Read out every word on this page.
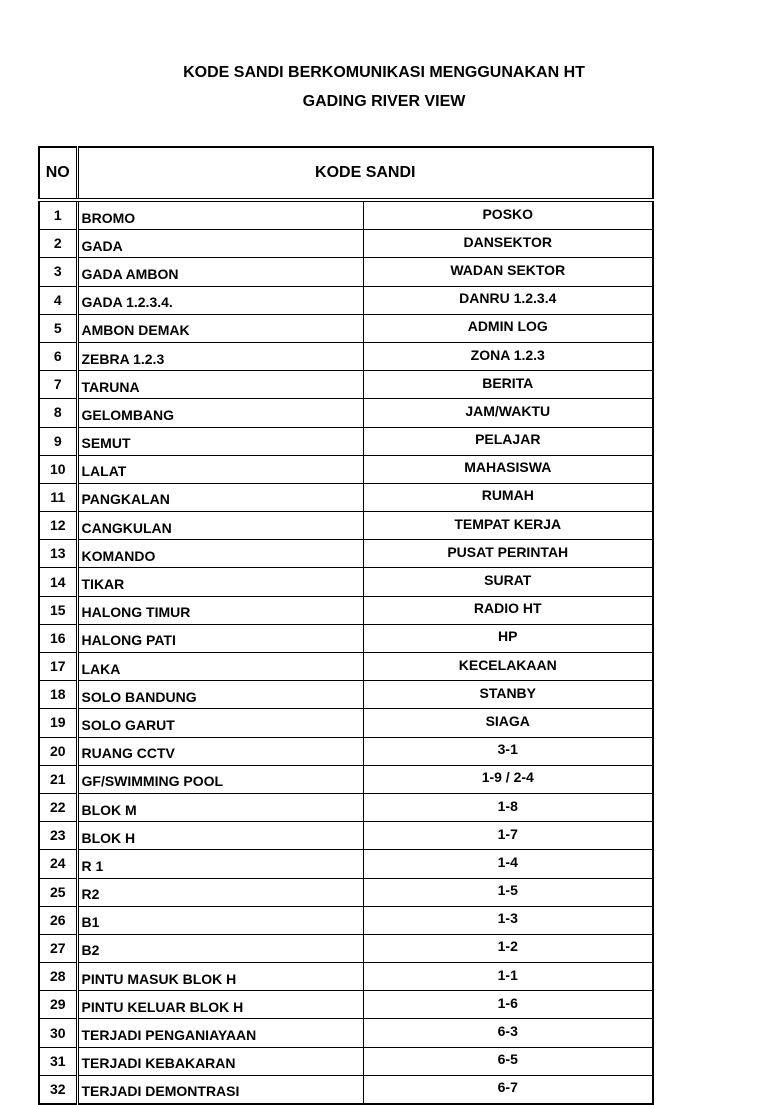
KODE SANDI BERKOMUNIKASI MENGGUNAKAN HT
GADING RIVER VIEW
NO	KODE SANDI	
1	BROMO	POSKO
2	GADA	DANSEKTOR
3	GADA AMBON	WADAN SEKTOR
4	GADA 1.2.3.4.	DANRU 1.2.3.4
5	AMBON DEMAK	ADMIN LOG
6	ZEBRA 1.2.3	ZONA 1.2.3
7	TARUNA	BERITA
8	GELOMBANG	JAM/WAKTU
9	SEMUT	PELAJAR
10	LALAT	MAHASISWA
11	PANGKALAN	RUMAH
12	CANGKULAN	TEMPAT KERJA
13	KOMANDO	PUSAT PERINTAH
14	TIKAR	SURAT
15	HALONG TIMUR	RADIO HT
16	HALONG PATI	HP
17	LAKA	KECELAKAAN
18	SOLO BANDUNG	STANBY
19	SOLO GARUT	SIAGA
20	RUANG CCTV	3-1
21	GF/SWIMMING POOL	1-9 / 2-4
22	BLOK M	1-8
23	BLOK H	1-7
24	R 1	1-4
25	R2	1-5
26	B1	1-3
27	B2	1-2
28	PINTU MASUK BLOK H	1-1
29	PINTU KELUAR BLOK H	1-6
30	TERJADI PENGANIAYAAN	6-3
31	TERJADI KEBAKARAN	6-5
32	TERJADI DEMONTRASI	6-7
